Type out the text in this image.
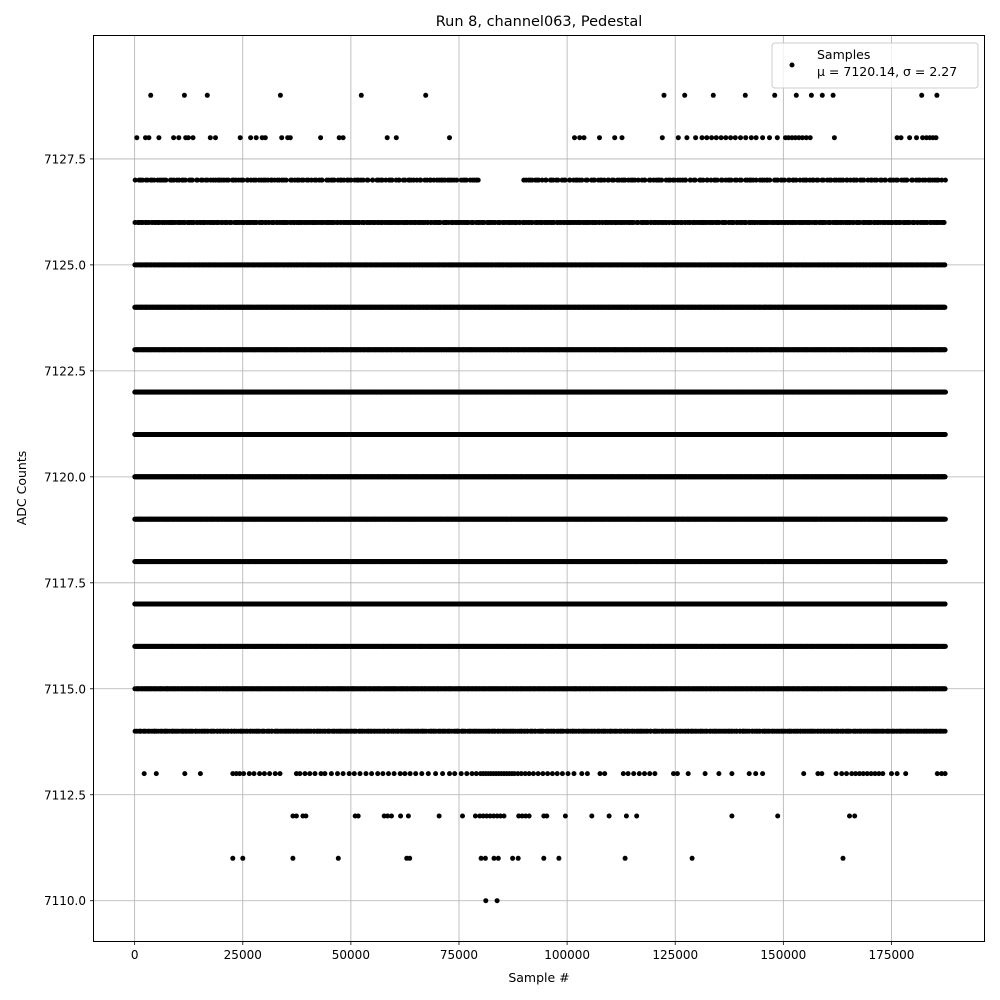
0	25000	50000	75000	100000	125000	150000	175000
7110.0
7112.5
7115.0
7117.5
7120.0
7122.5
7125.0
7127.5
Run 8, channel063, Pedestal
Sample #
ADC Counts
Samples
μ = 7120.14, σ = 2.27
